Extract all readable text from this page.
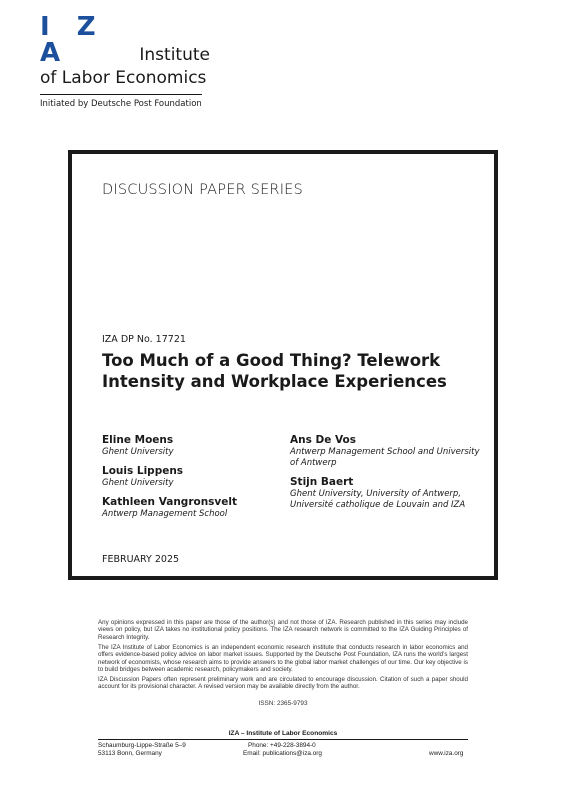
I Z A	Institute
of Labor Economics
Initiated by Deutsche Post Foundation
DISCUSSION PAPER SERIES
IZA DP No. 17721
Too Much of a Good Thing? Telework Intensity and Workplace Experiences
Eline Moens
Ghent University
Louis Lippens
Ghent University
Kathleen Vangronsvelt
Antwerp Management School
Ans De Vos
Antwerp Management School and University of Antwerp
Stijn Baert
Ghent University, University of Antwerp, Université catholique de Louvain and IZA
FEBRUARY 2025

Any opinions expressed in this paper are those of the author(s) and not those of IZA. Research published in this series may include views on policy, but IZA takes no institutional policy positions. The IZA research network is committed to the IZA Guiding Principles of Research Integrity.

The IZA Institute of Labor Economics is an independent economic research institute that conducts research in labor economics and offers evidence-based policy advice on labor market issues. Supported by the Deutsche Post Foundation, IZA runs the world’s largest network of economists, whose research aims to provide answers to the global labor market challenges of our time. Our key objective is to build bridges between academic research, policymakers and society.

IZA Discussion Papers often represent preliminary work and are circulated to encourage discussion. Citation of such a paper should account for its provisional character. A revised version may be available directly from the author.

ISSN: 2365-9793
IZA – Institute of Labor Economics
Schaumburg-Lippe-Straße 5–9
53113 Bonn, Germany
Phone: +49-228-3894-0
Email: publications@iza.org	www.iza.org
